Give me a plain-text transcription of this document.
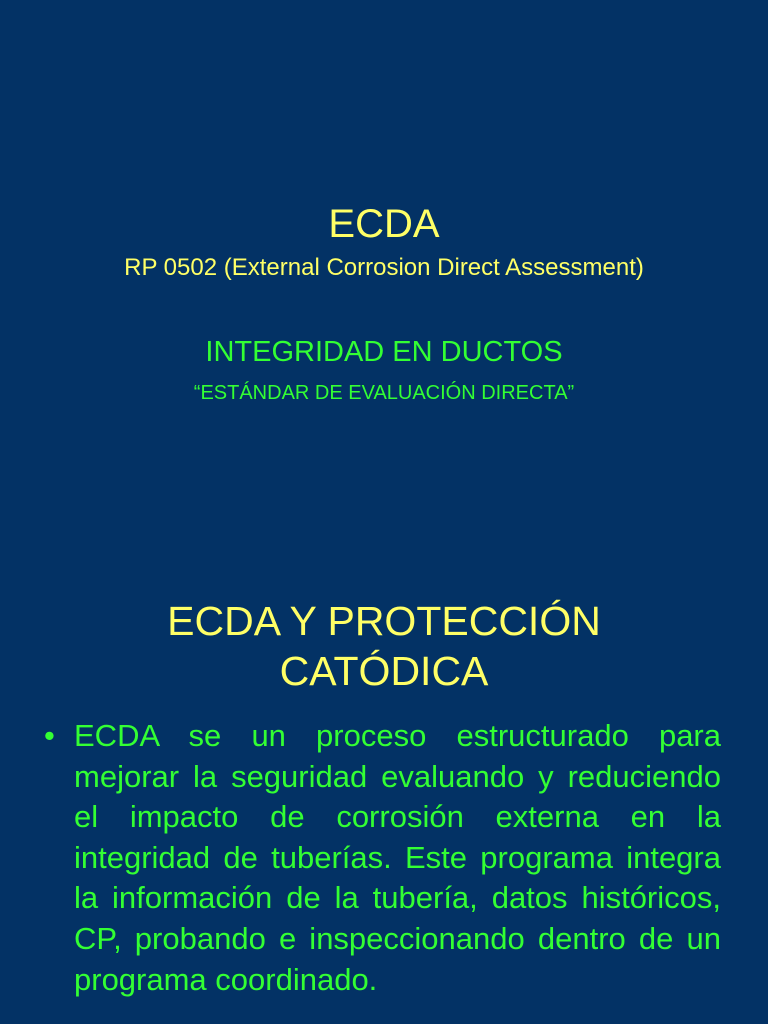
ECDA
RP 0502 (External Corrosion Direct Assessment)
INTEGRIDAD EN DUCTOS
“ESTÁNDAR DE EVALUACIÓN DIRECTA”
ECDA Y PROTECCIÓN
CATÓDICA
• ECDA se un proceso estructurado para mejorar la seguridad evaluando y reduciendo el impacto de corrosión externa en la integridad de tuberías. Este programa integra la información de la tubería, datos históricos, CP, probando e inspeccionando dentro de un programa coordinado.
